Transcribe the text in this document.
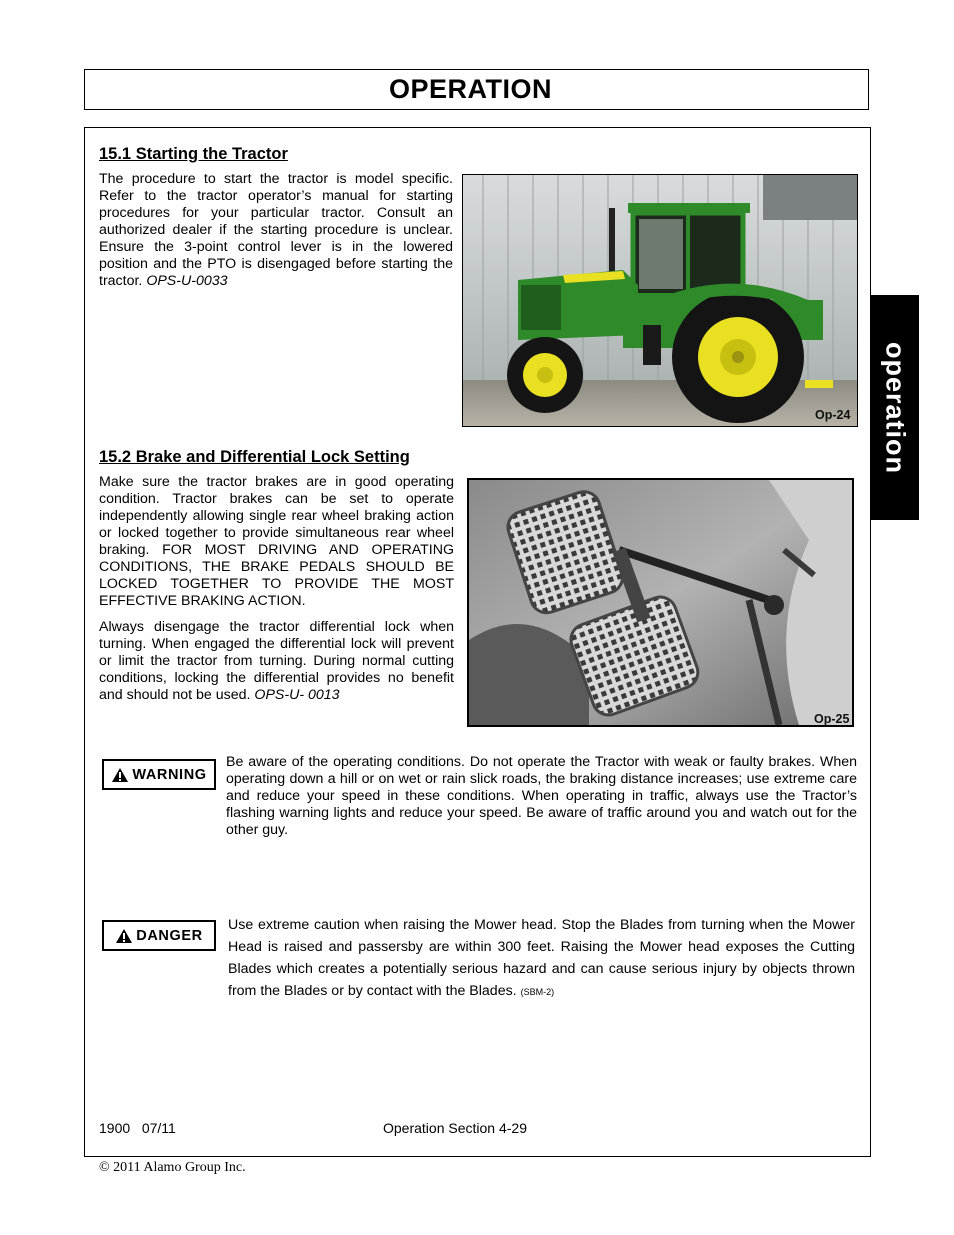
OPERATION
operation
15.1 Starting the Tractor
The procedure to start the tractor is model specific. Refer to the tractor operator’s manual for starting procedures for your particular tractor. Consult an authorized dealer if the starting procedure is unclear. Ensure the 3-point control lever is in the lowered position and the PTO is disengaged before starting the tractor. OPS-U-0033
Op-24
15.2 Brake and Differential Lock Setting
Make sure the tractor brakes are in good operating condition. Tractor brakes can be set to operate independently allowing single rear wheel braking action or locked together to provide simultaneous rear wheel braking. FOR MOST DRIVING AND OPERATING CONDITIONS, THE BRAKE PEDALS SHOULD BE LOCKED TOGETHER TO PROVIDE THE MOST EFFECTIVE BRAKING ACTION.
Always disengage the tractor differential lock when turning. When engaged the differential lock will prevent or limit the tractor from turning. During normal cutting conditions, locking the differential provides no benefit and should not be used. OPS-U- 0013
Op-25
WARNING
Be aware of the operating conditions. Do not operate the Tractor with weak or faulty brakes. When operating down a hill or on wet or rain slick roads, the braking distance increases; use extreme care and reduce your speed in these conditions. When operating in traffic, always use the Tractor’s flashing warning lights and reduce your speed. Be aware of traffic around you and watch out for the other guy.
DANGER
Use extreme caution when raising the Mower head. Stop the Blades from turning when the Mower Head is raised and passersby are within 300 feet. Raising the Mower head exposes the Cutting Blades which creates a potentially serious hazard and can cause serious injury by objects thrown from the Blades or by contact with the Blades. (SBM-2)
1900   07/11	Operation Section 4-29
© 2011 Alamo Group Inc.
